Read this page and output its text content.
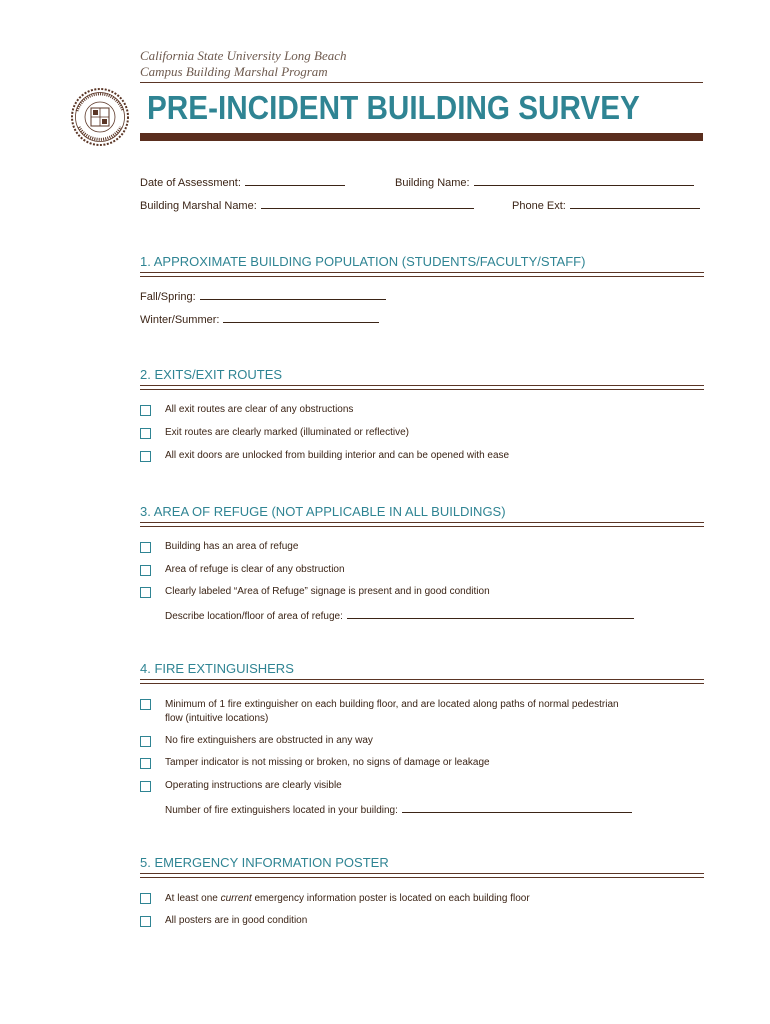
California State University Long Beach
Campus Building Marshal Program
PRE-INCIDENT BUILDING SURVEY
Date of Assessment:	Building Name:
Building Marshal Name:	Phone Ext:
1. APPROXIMATE BUILDING POPULATION (STUDENTS/FACULTY/STAFF)
Fall/Spring:
Winter/Summer:
2. EXITS/EXIT ROUTES
All exit routes are clear of any obstructions
Exit routes are clearly marked (illuminated or reflective)
All exit doors are unlocked from building interior and can be opened with ease
3. AREA OF REFUGE (NOT APPLICABLE IN ALL BUILDINGS)
Building has an area of refuge
Area of refuge is clear of any obstruction
Clearly labeled “Area of Refuge” signage is present and in good condition
Describe location/floor of area of refuge:
4. FIRE EXTINGUISHERS
Minimum of 1 fire extinguisher on each building floor, and are located along paths of normal pedestrian flow (intuitive locations)
No fire extinguishers are obstructed in any way
Tamper indicator is not missing or broken, no signs of damage or leakage
Operating instructions are clearly visible
Number of fire extinguishers located in your building:
5. EMERGENCY INFORMATION POSTER
At least one current emergency information poster is located on each building floor
All posters are in good condition
